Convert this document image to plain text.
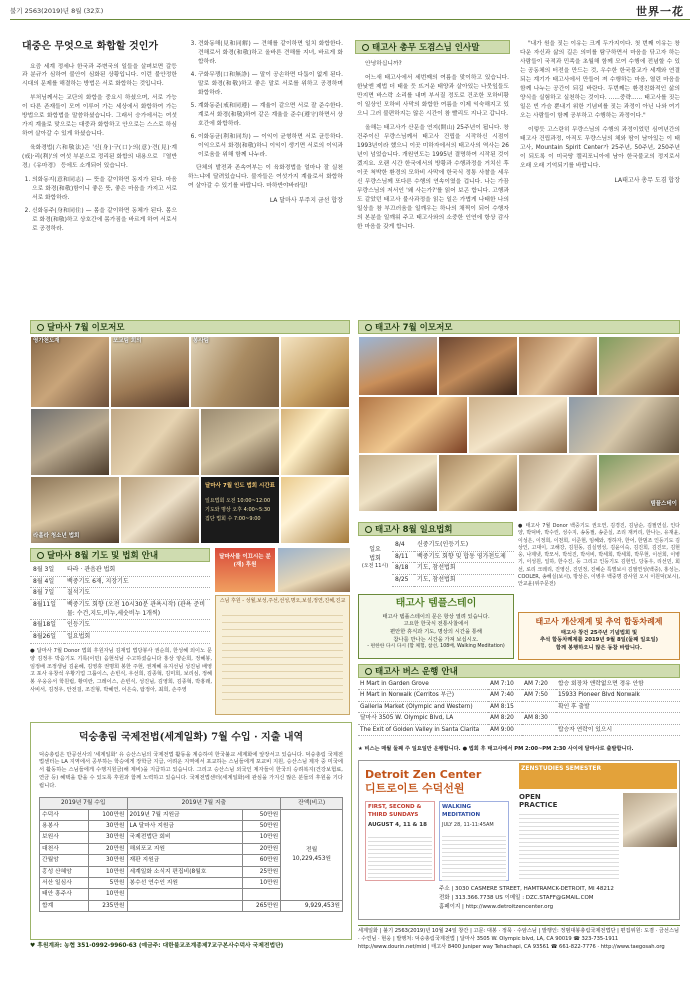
불기 2563(2019)년 8월 (32호)	世界一花
대중은 무엇으로 화합할 것인가

요즘 세계 정세나 한국과 주변국의 일들을 살펴보면 갈등과 분규가 심하여 불안이 심화된 상황입니다. 이런 불안정한 시대의 문제를 해결하는 방법은 서로 화합하는 것입니다.

부처님께서는 교단의 화합을 중요시 하셨으며, 서로 가능이 다른 존재들이 모여 이루어 가는 세상에서 화합하여 가는 방법으로 화합법을 말씀하셨습니다. 그래서 승가에서는 여섯가지 계율로 맞으로는 대중과 화합하고 안으로는 스스로 하심하여 살아갈 수 있게 하셨습니다.

육화경법(六和敬法)은 '신(身)·구(口)·의(意)·견(見)·계(戒)·리(利)'의 여섯 부분으로 정리된 화합의 내용으로 『열반경』《유마경》 등에도 소개되어 있습니다.

1. 의화동지(意和同志) — 뜻을 같이하면 동지가 된다. 마음으로 화경(和敬)함이니 좋은 뜻, 좋은 마음을 가지고 서로서로 화합하라.
2. 신화동주(身和同住) — 몸을 같이하면 동체가 된다. 몸으로 화경(和敬)하고 상호간에 몸가짐을 바르게 하여 서로서로 공경하라.
3. 견화동해(見和同解) — 견해를 같이하면 일치 화합한다. 견해로서 화경(和敬)하고 올바른 견해를 지녀, 바르게 화합하라.
4. 구화무쟁(口和無諍) — 말이 공손하면 다툼이 없게 된다. 말로 화경(和敬)하고 좋은 말로 서로를 위하고 공경하며 화합하라.
5. 계화동준(戒和同遵) — 계율이 같으면 서로 잘 준수한다. 계로서 화경(和敬)하여 같은 계율을 준수(遵守)하면서 상호간에 화합하라.
6. 이화동균(利和同均) — 이익이 균형하면 서로 균등하다. 이익으로서 화경(和敬)하니 이익이 생기면 서로의 이익과 이로움을 위해 함께 나누라.

단체의 발전과 존속여부는 이 육화경법을 얼마나 잘 실천하느냐에 달려있습니다. 불자들은 여섯가지 계율로서 화합하여 살아갈 수 있기를 바랍니다. 마하반야바라밀!

LA 달마사 부주지 금선 합장
태고사 총무 도겸스님 인사말

안녕하십니까?

어느새 태고사에서 세번째의 여름을 맞이하고 있습니다. 한낮엔 제법 더 태울 듯 뜨거운 태양과 살아있는 나뭇잎들도 만지면 바스락 소리를 내며 부서질 정도로 건조한 모하비황이 일상인 모하비 사막의 화합한 여름을 이제 익숙해지고 있으니 그러 불편하지는 않은 시간이 참 빨리도 지나고 갑니다.

올해는 태고사가 산문을 연지(開山) 25주년이 됩니다. 창건주이신 무량스님께서 태고사 건립을 시작하신 시점이 1993년이라 했으니 이곳 미하자에서의 태고사의 역사는 26년이 넘었습니다. 개원연도는 1995년 결명하여 시작된 것이겠지요. 오랜 시간 한국에서의 방황과 수행과정을 거치신 후 이곳 척박한 환경의 모하비 사막에 한국식 정통 사찰을 세우신 무량스님께 또다른 수행의 연속이였을 겁니다. 나는 가끔 무량스님의 저서인 '왜 사는가?'를 읽어 보곤 합니다. 고행과도 같았던 태고사 불사과정을 읽는 일은 가볍게 나태한 나의 일상을 참 부끄러움을 일깨우는 하나의 채찍이 되어 수행자의 본분을 일깨워 주고 태고사와의 소중한 인연에 항상 감사한 마음을 갖게 합니다.

"내가 원을 짓는 이유는 크게 두가지이다. 첫 번째 이유는 창다운 자신과 삶의 길은 의미를 탐구하면서 마음을 닦고자 하는 사람들이 국적과 민족을 초월해 함께 모여 수행에 전념할 수 있는 공동체의 터전을 만드는 것, 우수한 한국불교가 세계와 연결되는 계기가 태고사에서 만들어 져 수행하는 마음, 열린 마음을 함께 나누는 공간이 되길 바란다. 두번째는 환경친화적인 삶의 양식을 실험하고 실천하는 것이다. ......중략...... 태고사를 짓는 일은 빈 가슴 뿐내기 위한 기념비를 짓는 과정이 아닌 나와 여기 오는 사람들이 함께 공부하고 수행하는 과정이다."

이렇듯 고스란히 무량스님의 수행의 과정이었던 심여년간의 태고사 건립과정, 아직도 무량스님의 체와 땀이 남아있는 이 태고사, Mountain Spirit Center가 25주년, 50주년, 250주년이 되도록 이 미국땅 캘리포니아에 남아 한국불교의 정지로서 오래 오래 기억되기를 바랍니다.

LA태고사 총무 도겸 합장
달마사 7월 이모저모
영가천도재	포교팀 회의	봉사팀
라홀라 청소년 법회
달마사 7월 인도 법회 시간표
일요법회 오전 10:00~12:00
기도와 명상 오후 4:00~5:30
집단 법회 수 7:00~9:00
태고사 7월 이모저모
템플스테이
달마사 8월 기도 및 법회 안내
8월 3일	타라 · 관음관 법회
8월 4일	백중기도 6재, 지장기도
8월 7일	칠석기도
8월11일	백중기도 회향 (오전 10시30분 관욕시작) (관욕 준비물: 수건,지도,비누,세숫비누 1개씩)
8월18일	인등기도
8월26일	일요법회
● 달마사 7월 Donor 법회 후원자님 김재업 법당봉사 권순희, 한성혜 외이노 문양 김정우 박음기도 기록(이민) 음현석님 수고하셨습니다 홍상 양순희, 정혜봉, 임정배 조정생님 김윤혜, 김영휴 권명희 봉한 주현, 권계혜 유지선님 성진님 배영고 포사 유창석 우황기업 그룹이스, 손빈식, 우선희, 김종혁, 김미희, 보리심, 정혜봉 우웅응서 학원립, 황미란, 그레이스, 손빈식, 성진님, 김영희, 김종혁, 박홍래, 사비서, 김정우, 안전걸, 조진형, 박혜연, 이은숙, 탑정아, 최희, 손주영
달마사를 이끄시는 분 (재) 후원
스님 후원 - 성월,보성,주선,선성,명오,보설,정연,진혜,진교
태고사 8월 일요법회
일요
법회
(오전 11시)
8/4	신중기도(인등기도)
8/11	백중기도 회향 및 합동 영가천도제
8/18	기도, 참선법회
8/25	기도, 참선법회
태고사 템플스테이
태고사 템플스테이의 문은 항상 열려 있습니다.
고요한 한국식 전통사찰에서
편안한 휴식과 기도, 명상의 시간을 통해
참나를 만나는 시간을 가져 보십시오.
- 편한한 다시 다시 (합 체험, 참선, 108배, Walking Meditation)
● 태고사 7월 Donor 백중기도 권오연, 김경진, 김남순, 김필연실, 인다 양, 박덕바, 박수린, 성수지, 송동필, 송준실, 조리 재커리, 한나는, 유재윤, 이성은, 이정희, 이천희, 이준현, 임혜와, 정하자, 한어, 한범조 인등기도 김상인, 고대이, 고해강, 김원동, 김실영성, 김윤이숙, 김진희, 김진모, 김현웅, 나제넷, 박모서, 박석진, 박서비, 박세희, 박세희, 박무현, 이선희, 이병기, 이성원, 일하, 한수진, 등 그리고 인등기도 김현인, 당동우, 리선민, 회선, 로리 크레리, 진영신, 진민정, 진혜순 특별보시 김필연성(백중), 홍성는, COOLER, 송혜실(보시), 방상은, 이병우 백중명 감사원 오시 이원덕(보시), 안교윤(위주문전)
태고사 개산재계 및 추억 합동차례제
태고사 창건 25주년 기념법회 및
추석 합동차례제를 2019년 9월 8일(둘째 일요일)
함께 봉행하오니 많은 동참 바랍니다.
태고사 버스 운행 안내
H Mart in Garden Grove	AM 7:10	AM 7:20	합승 회장차 앤락없으면 경유 안함
H Mart in Norwalk (Cerritos 부근)	AM 7:40	AM 7:50	15933 Pioneer Blvd Norwalk
Galleria Market (Olympic and Western)	AM 8:15		확인 후 출발
달마사 3505 W. Olympic Blvd, LA	AM 8:20	AM 8:30	
The Exit of Golden Valley in Santa Clarita	AM 9:00		탑승자 연락이 있으시
★ 비스는 매월 둘째 주 일요일만 운행합니다. ● 법회 후 태고사에서 PM 2:00~PM 2:30 사이에 달마사로 출발합니다.
덕숭총림 국제전법(세계일화) 7월 수입 · 지출 내역
덕숭총림은 만공선사의 '세계일화' 유 승산스님의 국제전법 활동을 계승하여 한국불교 세계화에 앞장서고 있습니다. 덕숭총림 국제전법센터는 LA 지역에서 공부하는 학승에게 장학금 지급, 어려운 지역에서 포교하는 스님들에게 포교비 지원, 승산스님 제자 중 미국에서 활동하는 스님들에게 수행지원금(해 제비)을 지급하고 있습니다. 그리고 승산스님 외국인 제자들이 한국의 승려복지(건강보험료, 연금 등) 혜택을 받을 수 있도록 후원과 함께 노력하고 있습니다. 국제전법센터(세계일화)에 관심을 가지신 많은 분들의 후원을 기다립니다.
2019년 7월 수입		2019년 7월 지출		잔액(비고)
수덕사	100만원	2019년 7월 지원금	50만원	전월
10,229,453원

용봉사	30만원	LA 달마사 지원금	50만원	
보원사	30만원	국제전법단 회비	10만원	
대천사	20만원	해외포교 지원	20만원	
간월암	30만원	재판 지원금	60만원	
홍성 산혜암	10만원	세계일화 소식지 편집비(8월호	25만원	
서산 일심사	5만원	봉수선 연수인 지원	10만원	
태안 흥주사	10만원			
합계	235만원		265만원	9,929,453원
♥ 후원계좌: 농협 351-0992-9960-63 (예금주: 대한불교조계종제7교구본사수덕사 국제전법단)
Detroit Zen Center
디트로이트 수덕선원
FIRST, SECOND & THIRD SUNDAYS
AUGUST 4, 11 & 18
WALKING MEDITATION
JULY 28, 11-11:45AM
ZENSTUDIES SEMESTER
OPEN PRACTICE
주소 | 3030 CASMERE STREET, HAMTRAMCK-DETROIT, MI 48212
전화 | 313.366.7738 US 이메일 : DZC.STAFF@GMAIL.COM
홈페이지 | http://www.detroitzencenter.org
세계일화 | 불기 2563(2019)년 10월 24일 창간 | 고문: 대봉 · 정묵 · 수암스님 | 발행인: 정범대봉총림국제전법단 | 편집위원: 도겸 · 금선스님 · 수연님 · 현웅 | 발행처: 덕숭총림국제전법 | 달마사 3505 W. Olympic blvd, LA, CA 90019 ☎ 323-735-1911 http://www.dourin.net/mid | 태고사 8400 Juniper way Tehachapi, CA 93561 ☎ 661-822-7776 · http://www.taegosah.org
